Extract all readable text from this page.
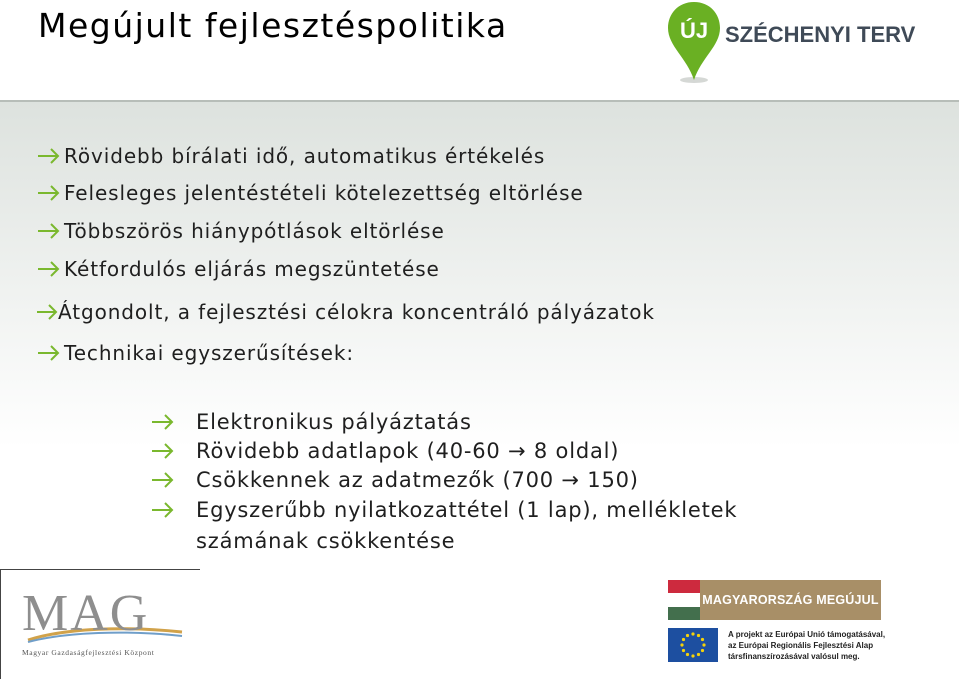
Megújult fejlesztéspolitika	ÚJ SZÉCHENYI TERV
Rövidebb bírálati idő, automatikus értékelés
Felesleges jelentéstételi kötelezettség eltörlése
Többszörös hiánypótlások eltörlése
Kétfordulós eljárás megszüntetése
Átgondolt, a fejlesztési célokra koncentráló pályázatok
Technikai egyszerűsítések:
Elektronikus pályáztatás
Rövidebb adatlapok (40-60 → 8 oldal)
Csökkennek az adatmezők (700 → 150)
Egyszerűbb nyilatkozattétel (1 lap), mellékletek
számának csökkentése
MAG
Magyar Gazdaságfejlesztési Központ
MAGYARORSZÁG MEGÚJUL
A projekt az Európai Unió támogatásával,
az Európai Regionális Fejlesztési Alap
társfinanszírozásával valósul meg.
